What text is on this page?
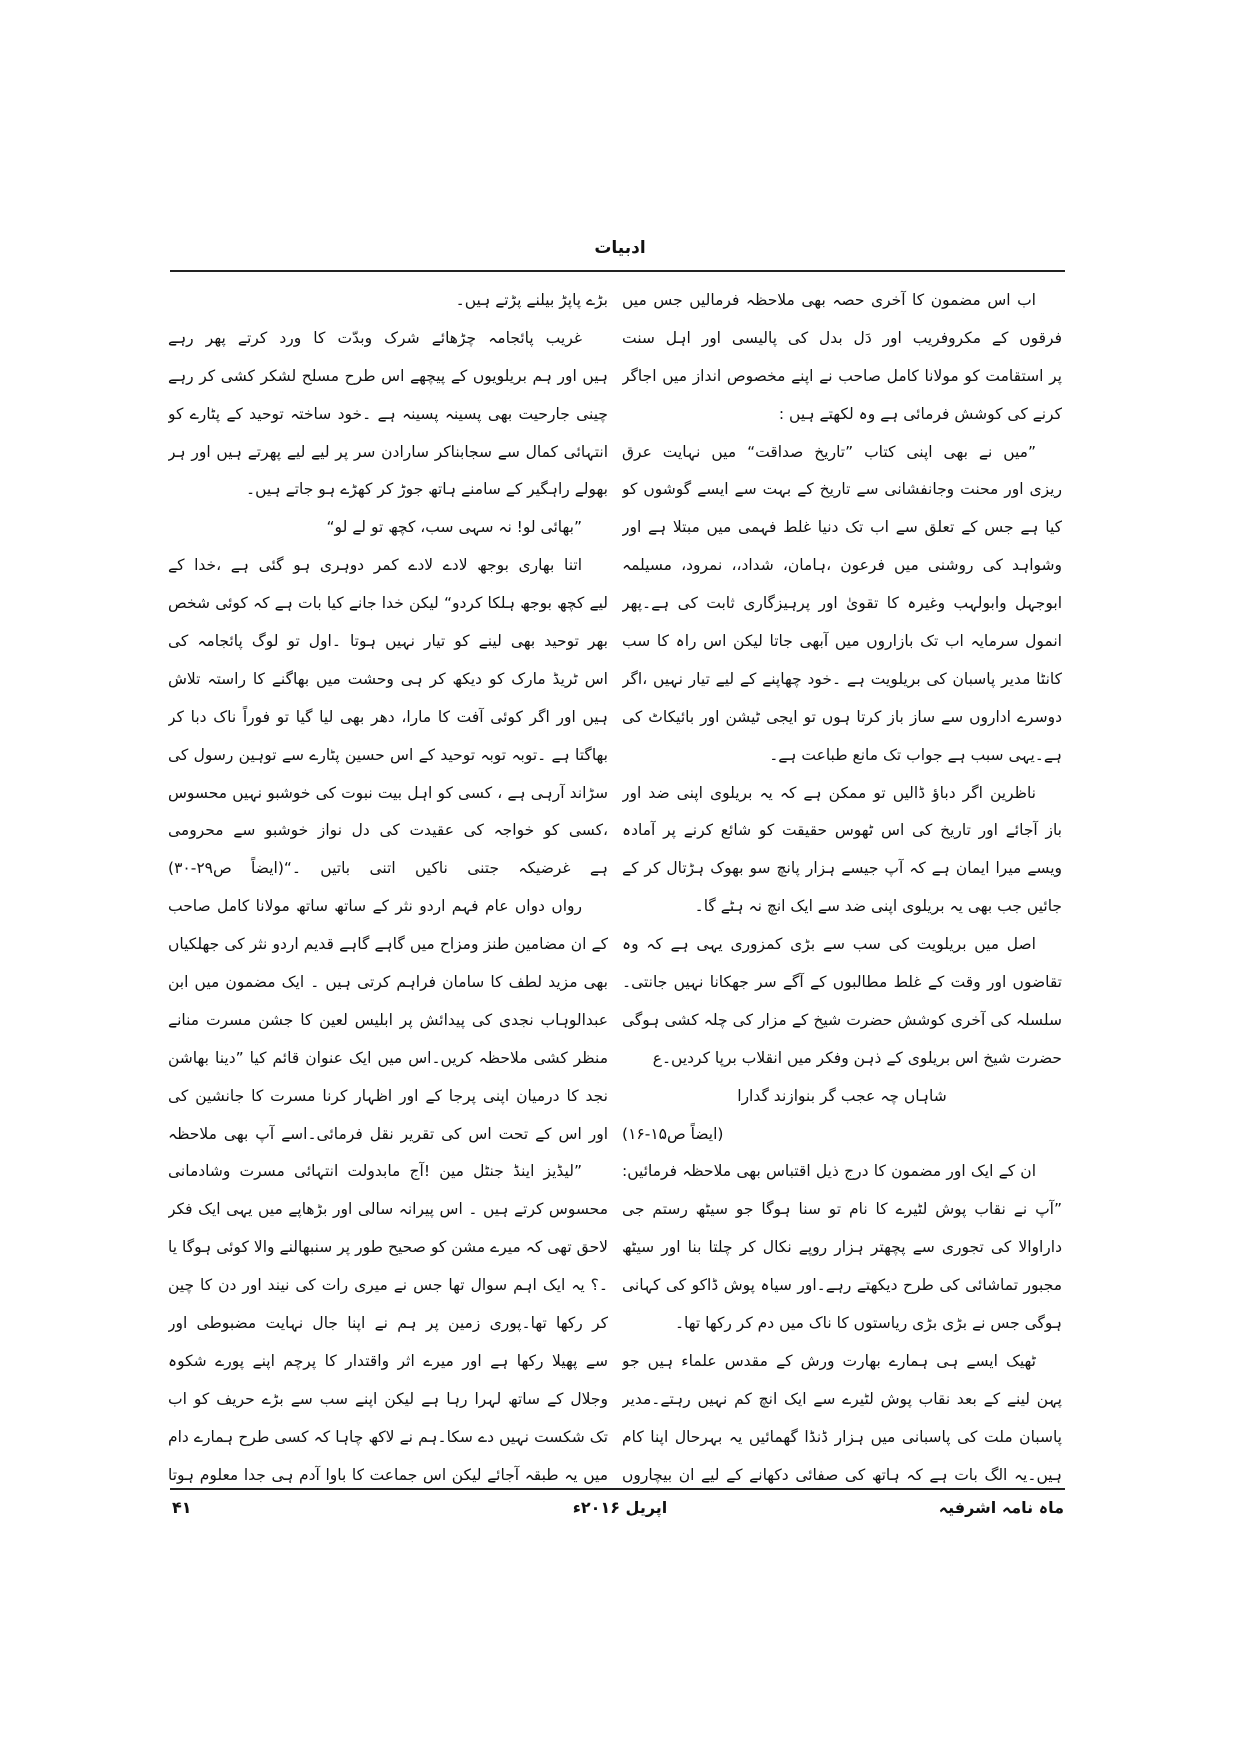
ادبیات
اب اس مضمون کا آخری حصہ بھی ملاحظہ فرمالیں جس میں
فرقوں کے مکروفریب اور دَل بدل کی پالیسی اور اہل سنت
پر استقامت کو مولانا کامل صاحب نے اپنے مخصوص انداز میں اجاگر
کرنے کی کوشش فرمائی ہے وہ لکھتے ہیں :
”میں نے بھی اپنی کتاب ”تاریخ صداقت“ میں نہایت عرق
ریزی اور محنت وجانفشانی سے تاریخ کے بہت سے ایسے گوشوں کو
کیا ہے جس کے تعلق سے اب تک دنیا غلط فہمی میں مبتلا ہے اور
وشواہد کی روشنی میں فرعون ،ہامان، شداد،، نمرود، مسیلمہ
ابوجہل وابولہب وغیرہ کا تقویٰ اور پرہیزگاری ثابت کی ہے۔پھر
انمول سرمایہ اب تک بازاروں میں آبھی جاتا لیکن اس راہ کا سب
کانٹا مدیر پاسبان کی بریلویت ہے ۔خود چھاپنے کے لیے تیار نہیں ،اگر
دوسرے اداروں سے ساز باز کرتا ہوں تو ایجی ٹیشن اور بائیکاٹ کی
ہے۔یہی سبب ہے جواب تک مانع طباعت ہے۔
ناظرین اگر دباؤ ڈالیں تو ممکن ہے کہ یہ بریلوی اپنی ضد اور
باز آجائے اور تاریخ کی اس ٹھوس حقیقت کو شائع کرنے پر آمادہ
ویسے میرا ایمان ہے کہ آپ جیسے ہزار پانچ سو بھوک ہڑتال کر کے
جائیں جب بھی یہ بریلوی اپنی ضد سے ایک انچ نہ ہٹے گا۔
اصل میں بریلویت کی سب سے بڑی کمزوری یہی ہے کہ وہ
تقاضوں اور وقت کے غلط مطالبوں کے آگے سر جھکانا نہیں جانتی۔
سلسلہ کی آخری کوشش حضرت شیخ کے مزار کی چلہ کشی ہوگی
حضرت شیخ اس بریلوی کے ذہن وفکر میں انقلاب برپا کردیں۔ع
شاہاں چہ عجب گر بنوازند گدارا
(ایضاً ص۱۵-۱۶)
ان کے ایک اور مضمون کا درج ذیل اقتباس بھی ملاحظہ فرمائیں:
”آپ نے نقاب پوش لٹیرے کا نام تو سنا ہوگا جو سیٹھ رستم جی
داراوالا کی تجوری سے پچھتر ہزار روپے نکال کر چلتا بنا اور سیٹھ
مجبور تماشائی کی طرح دیکھتے رہے۔اور سیاہ پوش ڈاکو کی کہانی
ہوگی جس نے بڑی بڑی ریاستوں کا ناک میں دم کر رکھا تھا۔
ٹھیک ایسے ہی ہمارے بھارت ورش کے مقدس علماء ہیں جو
پہن لینے کے بعد نقاب پوش لٹیرے سے ایک انچ کم نہیں رہتے۔مدیر
پاسبان ملت کی پاسبانی میں ہزار ڈنڈا گھمائیں یہ بہرحال اپنا کام
ہیں۔یہ الگ بات ہے کہ ہاتھ کی صفائی دکھانے کے لیے ان بیچاروں
بڑے پاپڑ بیلنے پڑتے ہیں۔
غریب پائجامہ چڑھائے شرک وبدّت کا ورد کرتے پھر رہے
ہیں اور ہم بریلویوں کے پیچھے اس طرح مسلح لشکر کشی کر رہے
چینی جارحیت بھی پسینہ پسینہ ہے ۔خود ساختہ توحید کے پٹارے کو
انتہائی کمال سے سجابناکر سارادن سر پر لیے لیے پھرتے ہیں اور ہر
بھولے راہگیر کے سامنے ہاتھ جوڑ کر کھڑے ہو جاتے ہیں۔
”بھائی لو! نہ سہی سب، کچھ تو لے لو“
اتنا بھاری بوجھ لادے لادے کمر دوہری ہو گئی ہے ،خدا کے
لیے کچھ بوجھ ہلکا کردو“ لیکن خدا جانے کیا بات ہے کہ کوئی شخص
بھر توحید بھی لینے کو تیار نہیں ہوتا ۔اول تو لوگ پائجامہ کی
اس ٹریڈ مارک کو دیکھ کر ہی وحشت میں بھاگنے کا راستہ تلاش
ہیں اور اگر کوئی آفت کا مارا، دھر بھی لیا گیا تو فوراً ناک دبا کر
بھاگتا ہے ۔توبہ توبہ توحید کے اس حسین پٹارے سے توہین رسول کی
سڑاند آرہی ہے ، کسی کو اہل بیت نبوت کی خوشبو نہیں محسوس
،کسی کو خواجہ کی عقیدت کی دل نواز خوشبو سے محرومی
ہے غرضیکہ جتنی ناکیں اتنی باتیں ۔“(ایضاً ص۲۹-۳۰)
رواں دواں عام فہم اردو نثر کے ساتھ ساتھ مولانا کامل صاحب
کے ان مضامین طنز ومزاح میں گاہے گاہے قدیم اردو نثر کی جھلکیاں
بھی مزید لطف کا سامان فراہم کرتی ہیں ۔ ایک مضمون میں ابن
عبدالوہاب نجدی کی پیدائش پر ابلیس لعین کا جشن مسرت منانے
منظر کشی ملاحظہ کریں۔اس میں ایک عنوان قائم کیا ”دینا بھاشن
نجد کا درمیان اپنی پرجا کے اور اظہار کرنا مسرت کا جانشین کی
اور اس کے تحت اس کی تقریر نقل فرمائی۔اسے آپ بھی ملاحظہ
”لیڈیز اینڈ جنٹل مین !آج مابدولت انتہائی مسرت وشادمانی
محسوس کرتے ہیں ۔ اس پیرانہ سالی اور بڑھاپے میں یہی ایک فکر
لاحق تھی کہ میرے مشن کو صحیح طور پر سنبھالنے والا کوئی ہوگا یا
۔؟ یہ ایک اہم سوال تھا جس نے میری رات کی نیند اور دن کا چین
کر رکھا تھا۔پوری زمین پر ہم نے اپنا جال نہایت مضبوطی اور
سے پھیلا رکھا ہے اور میرے اثر واقتدار کا پرچم اپنے پورے شکوہ
وجلال کے ساتھ لہرا رہا ہے لیکن اپنے سب سے بڑے حریف کو اب
تک شکست نہیں دے سکا۔ہم نے لاکھ چاہا کہ کسی طرح ہمارے دام
میں یہ طبقہ آجائے لیکن اس جماعت کا باوا آدم ہی جدا معلوم ہوتا
ماہ نامہ اشرفیہ
اپریل ۲۰۱۶ء
۴۱
